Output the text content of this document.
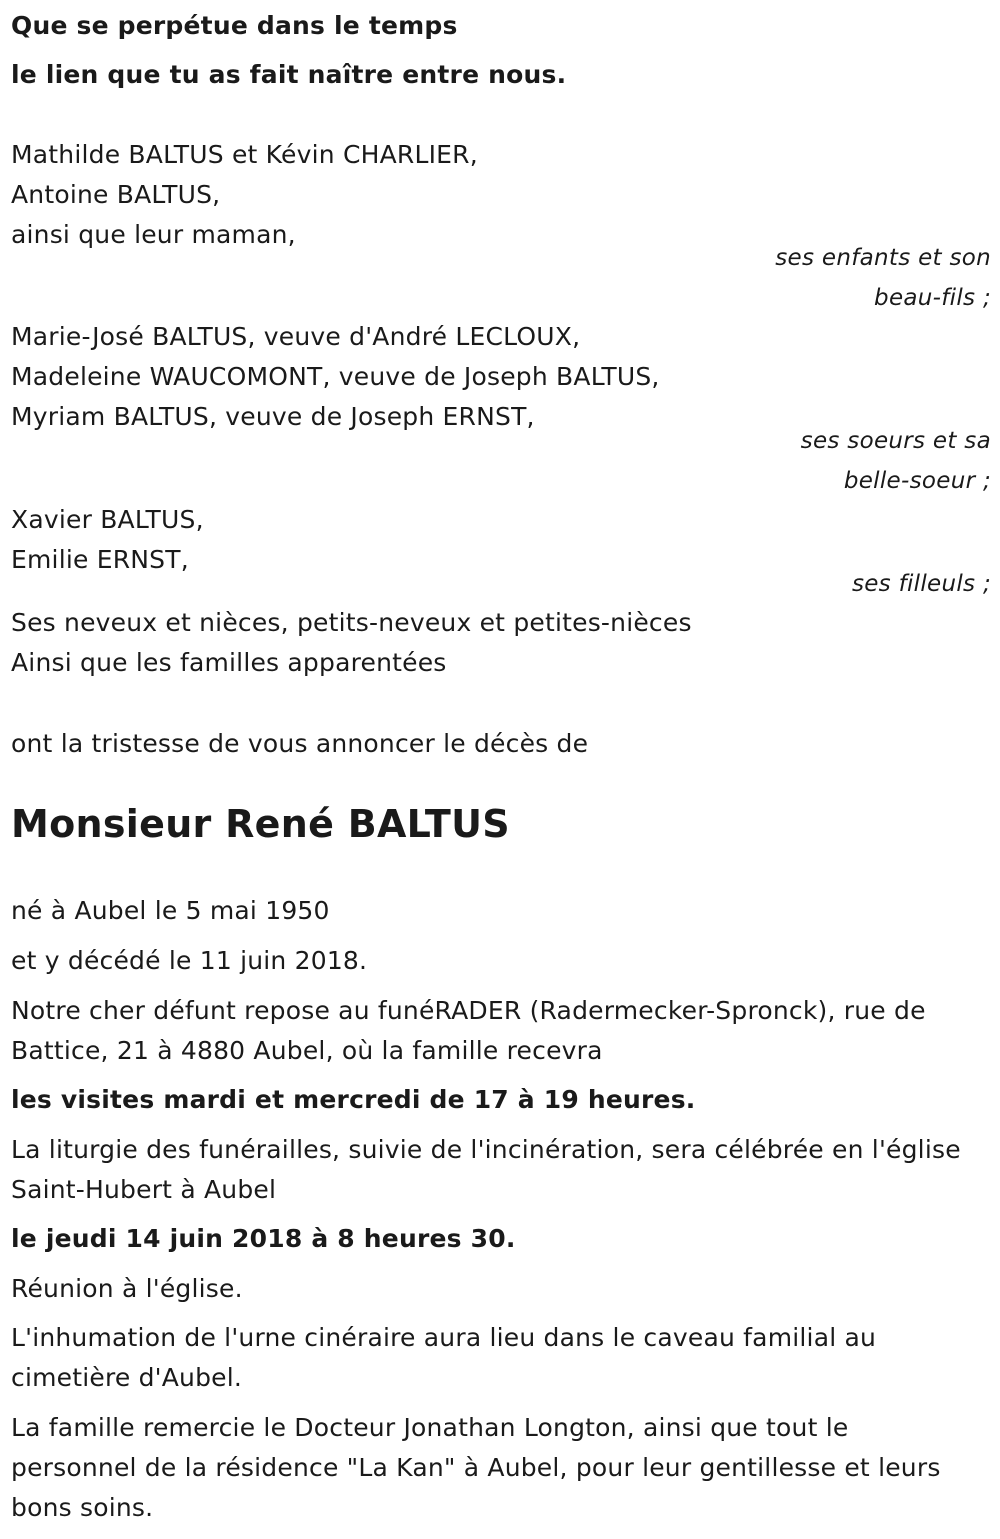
Que se perpétue dans le temps
le lien que tu as fait naître entre nous.
Mathilde BALTUS et Kévin CHARLIER,
Antoine BALTUS,
ainsi que leur maman,
ses enfants et son
beau-fils ;
Marie-José BALTUS, veuve d'André LECLOUX,
Madeleine WAUCOMONT, veuve de Joseph BALTUS,
Myriam BALTUS, veuve de Joseph ERNST,
ses soeurs et sa
belle-soeur ;
Xavier BALTUS,
Emilie ERNST,
ses filleuls ;
Ses neveux et nièces, petits-neveux et petites-nièces
Ainsi que les familles apparentées
ont la tristesse de vous annoncer le décès de
Monsieur René BALTUS
né à Aubel le 5 mai 1950
et y décédé le 11 juin 2018.
Notre cher défunt repose au funéRADER (Radermecker-Spronck), rue de
Battice, 21 à 4880 Aubel, où la famille recevra
les visites mardi et mercredi de 17 à 19 heures.
La liturgie des funérailles, suivie de l'incinération, sera célébrée en l'église
Saint-Hubert à Aubel
le jeudi 14 juin 2018 à 8 heures 30.
Réunion à l'église.
L'inhumation de l'urne cinéraire aura lieu dans le caveau familial au
cimetière d'Aubel.
La famille remercie le Docteur Jonathan Longton, ainsi que tout le
personnel de la résidence "La Kan" à Aubel, pour leur gentillesse et leurs
bons soins.
